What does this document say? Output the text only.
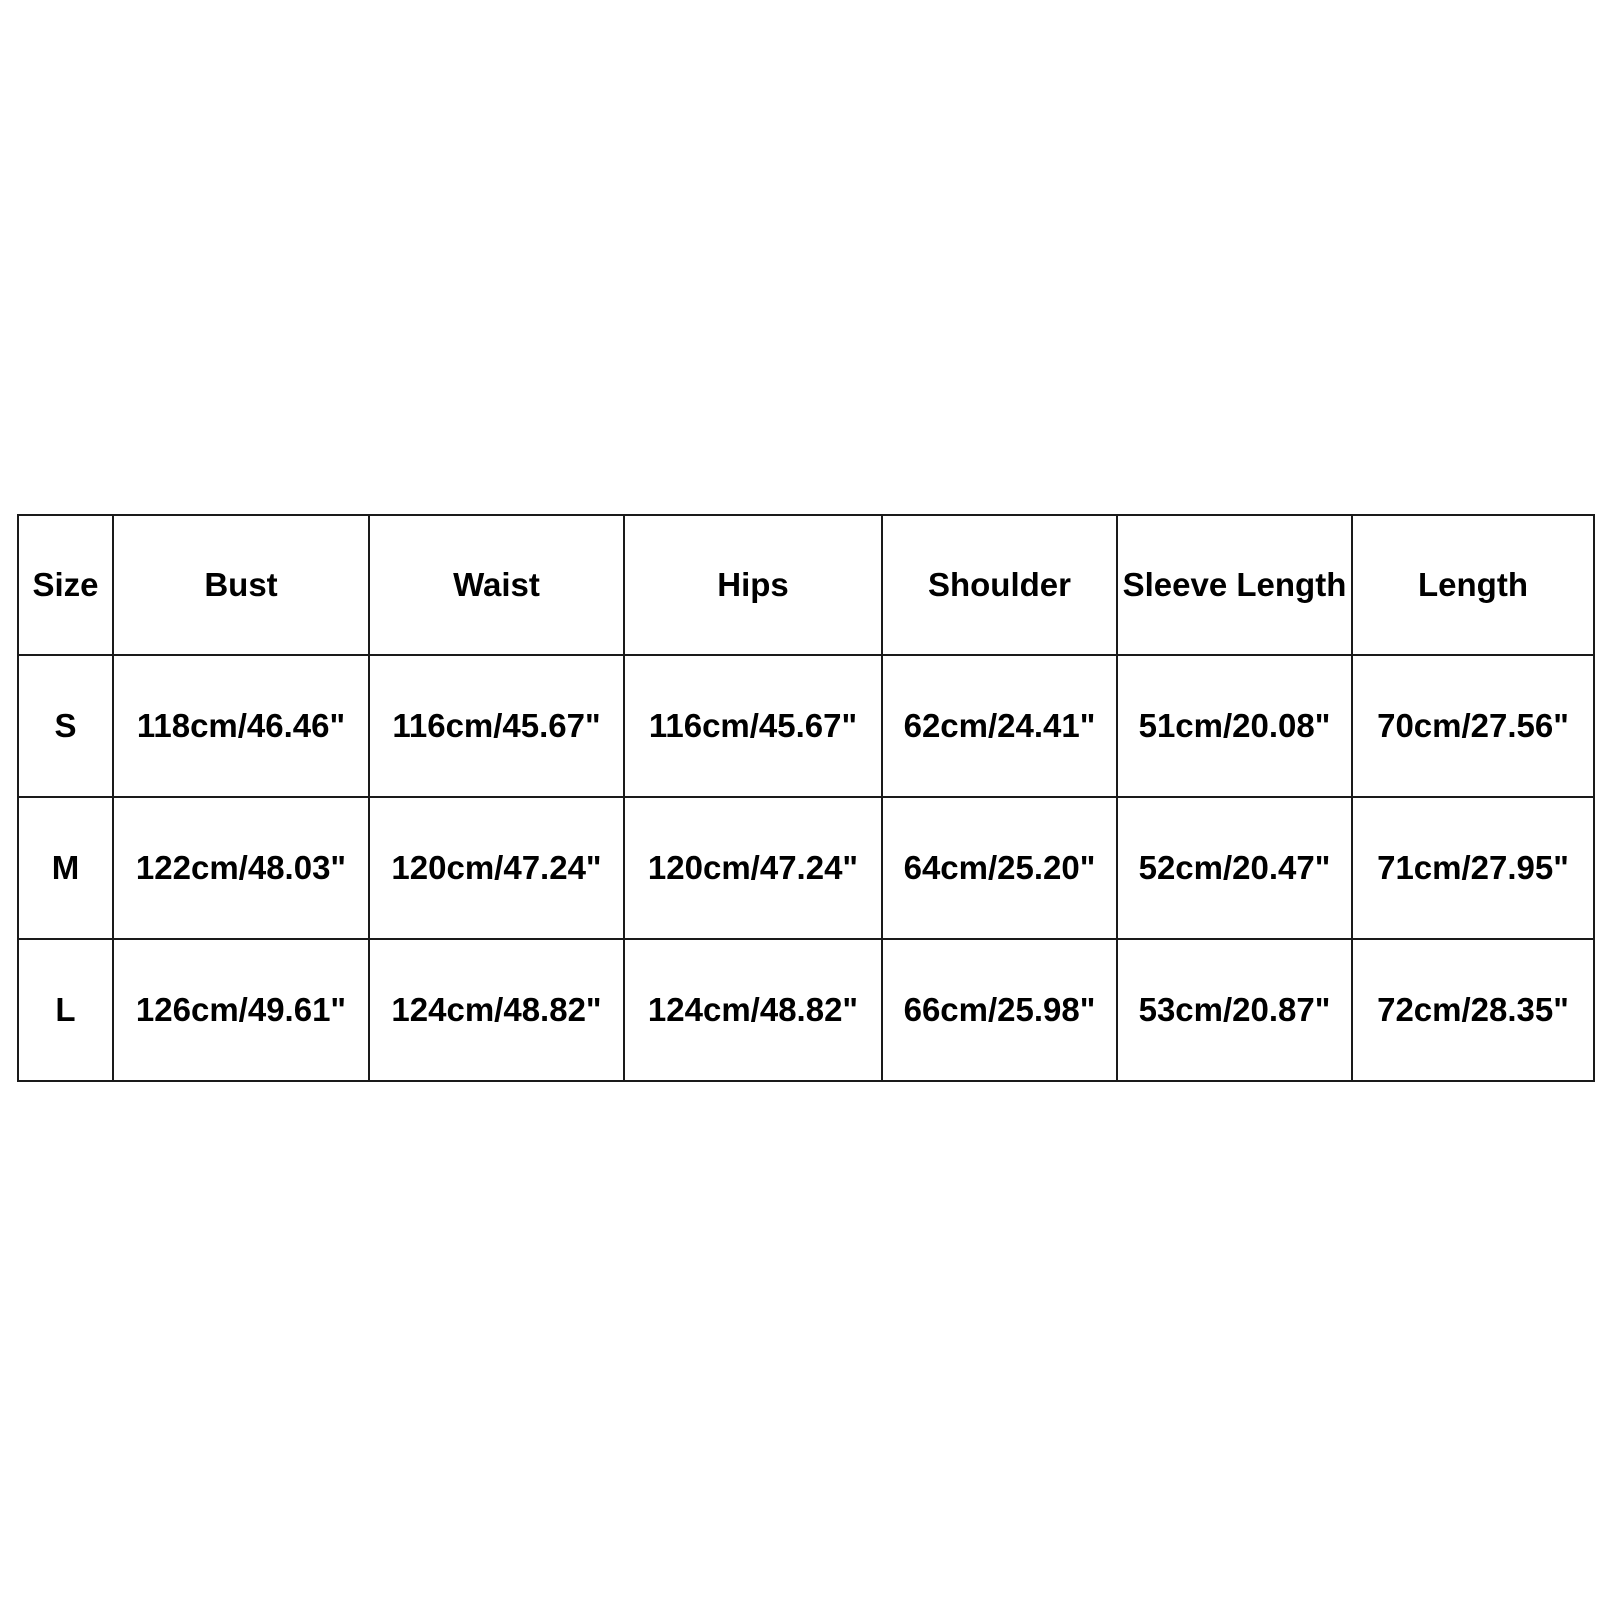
Size	Bust	Waist	Hips	Shoulder	Sleeve Length	Length
S	118cm/46.46"	116cm/45.67"	116cm/45.67"	62cm/24.41"	51cm/20.08"	70cm/27.56"
M	122cm/48.03"	120cm/47.24"	120cm/47.24"	64cm/25.20"	52cm/20.47"	71cm/27.95"
L	126cm/49.61"	124cm/48.82"	124cm/48.82"	66cm/25.98"	53cm/20.87"	72cm/28.35"
